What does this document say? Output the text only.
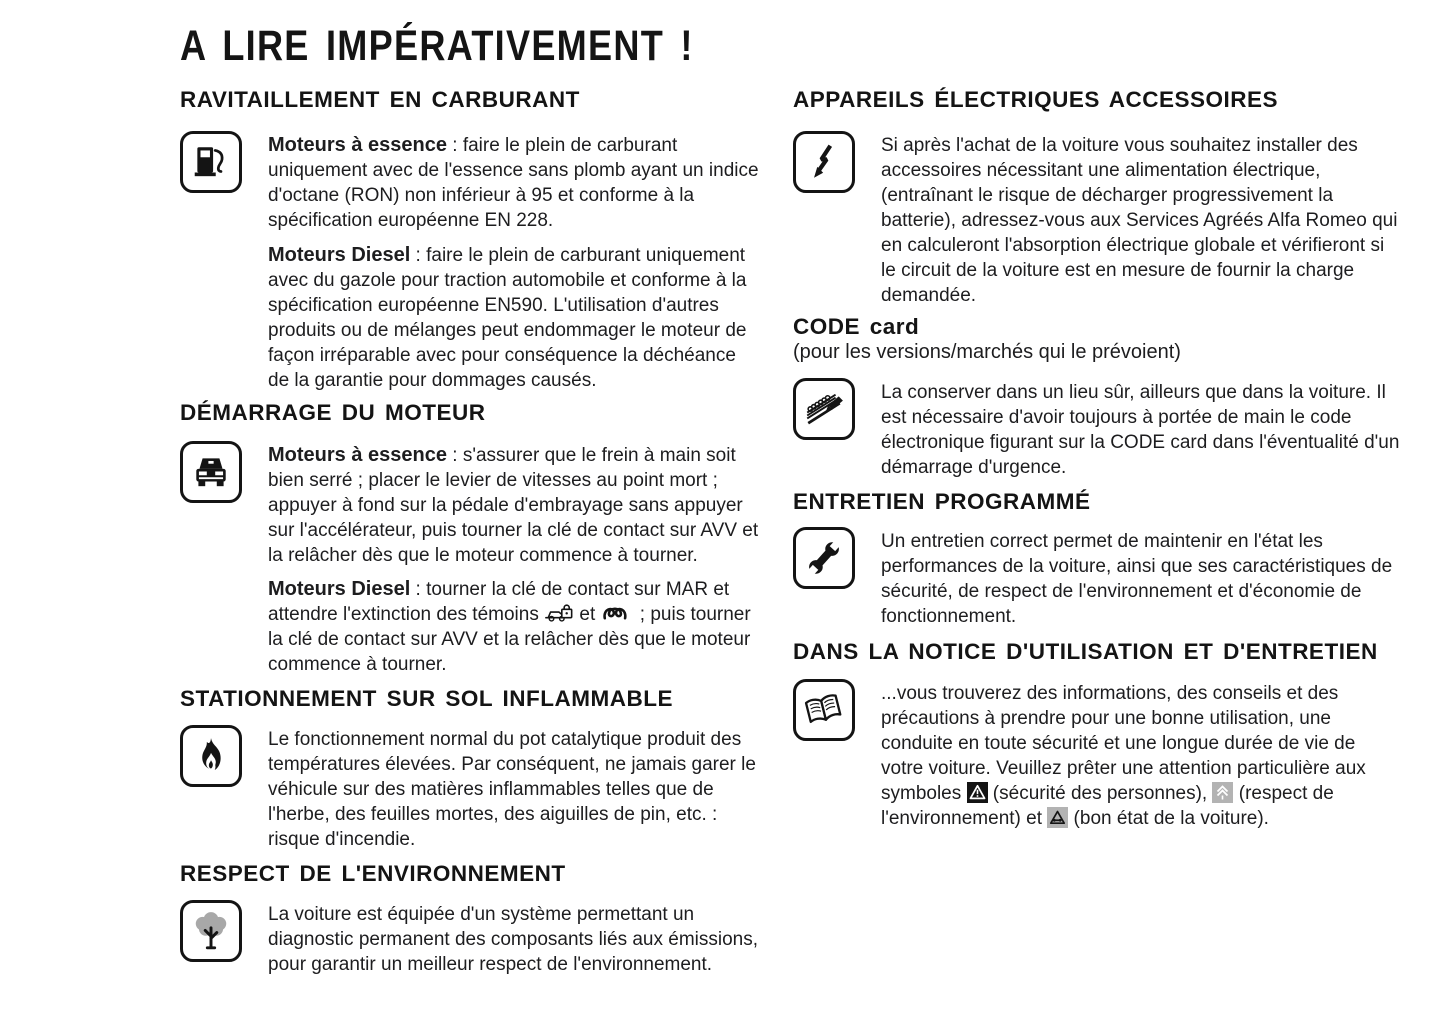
A LIRE IMPÉRATIVEMENT !
RAVITAILLEMENT EN CARBURANT

Moteurs à essence : faire le plein de carburant uniquement avec de l'essence sans plomb ayant un indice d'octane (RON) non inférieur à 95 et conforme à la spécification européenne EN 228.

Moteurs Diesel : faire le plein de carburant uniquement avec du gazole pour traction automobile et conforme à la spécification européenne EN590. L'utilisation d'autres produits ou de mélanges peut endommager le moteur de façon irréparable avec pour conséquence la déchéance de la garantie pour dommages causés.

DÉMARRAGE DU MOTEUR

Moteurs à essence : s'assurer que le frein à main soit bien serré ; placer le levier de vitesses au point mort ; appuyer à fond sur la pédale d'embrayage sans appuyer sur l'accélérateur, puis tourner la clé de contact sur AVV et la relâcher dès que le moteur commence à tourner.

Moteurs Diesel : tourner la clé de contact sur MAR et attendre l'extinction des témoins  et  ; puis tourner la clé de contact sur AVV et la relâcher dès que le moteur commence à tourner.

STATIONNEMENT SUR SOL INFLAMMABLE

Le fonctionnement normal du pot catalytique produit des températures élevées. Par conséquent, ne jamais garer le véhicule sur des matières inflammables telles que de l'herbe, des feuilles mortes, des aiguilles de pin, etc. : risque d'incendie.

RESPECT DE L'ENVIRONNEMENT

La voiture est équipée d'un système permettant un diagnostic permanent des composants liés aux émissions, pour garantir un meilleur respect de l'environnement.

APPAREILS ÉLECTRIQUES ACCESSOIRES

Si après l'achat de la voiture vous souhaitez installer des accessoires nécessitant une alimentation électrique, (entraînant le risque de décharger progressivement la batterie), adressez-vous aux Services Agréés Alfa Romeo qui en calculeront l'absorption électrique globale et vérifieront si le circuit de la voiture est en mesure de fournir la charge demandée.

CODE card

(pour les versions/marchés qui le prévoient)

La conserver dans un lieu sûr, ailleurs que dans la voiture. Il est nécessaire d'avoir toujours à portée de main le code électronique figurant sur la CODE card dans l'éventualité d'un démarrage d'urgence.

ENTRETIEN PROGRAMMÉ

Un entretien correct permet de maintenir en l'état les performances de la voiture, ainsi que ses caractéristiques de sécurité, de respect de l'environnement et d'économie de fonctionnement.

DANS LA NOTICE D'UTILISATION ET D'ENTRETIEN

...vous trouverez des informations, des conseils et des précautions à prendre pour une bonne utilisation, une conduite en toute sécurité et une longue durée de vie de votre voiture. Veuillez prêter une attention particulière aux symboles  (sécurité des personnes),  (respect de l'environnement) et  (bon état de la voiture).
